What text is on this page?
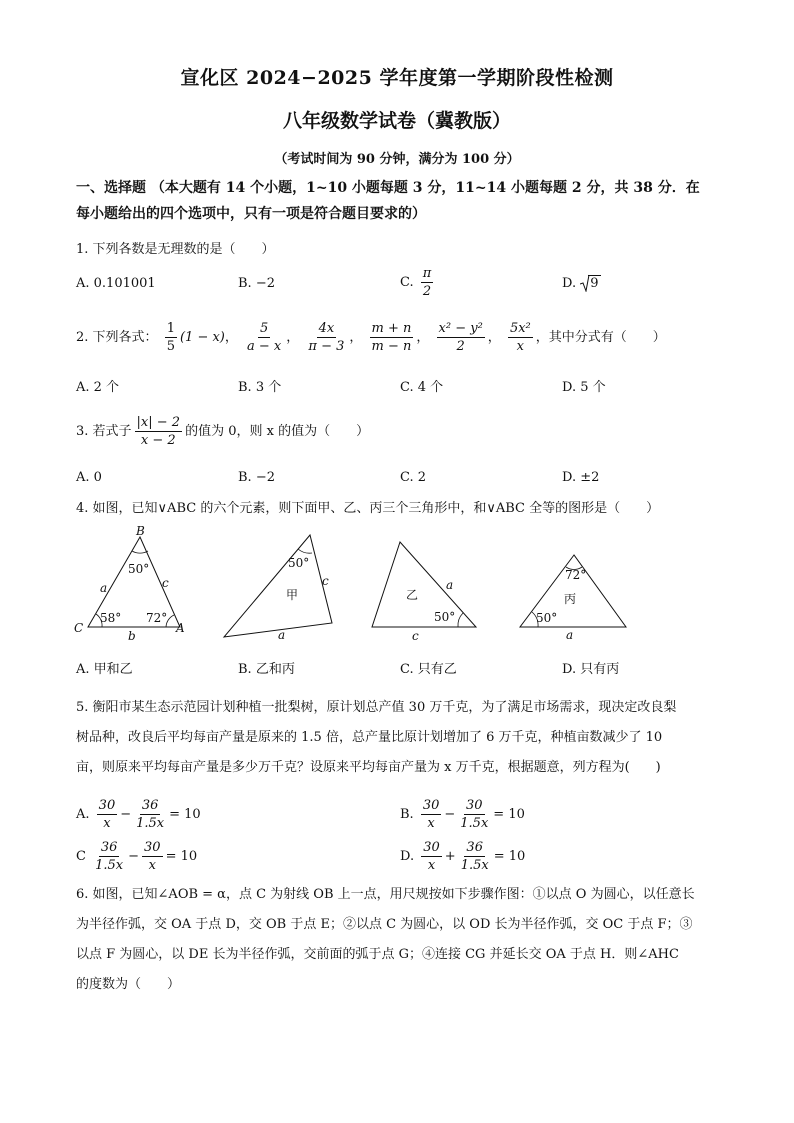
宣化区 2024−2025 学年度第一学期阶段性检测
八年级数学试卷（冀教版）
（考试时间为 90 分钟，满分为 100 分）
一、选择题 （本大题有 14 个小题，1~10 小题每题 3 分，11~14 小题每题 2 分，共 38 分．在
每小题给出的四个选项中，只有一项是符合题目要求的）
1. 下列各数是无理数的是（　　）
A. 0.101001	B. −2	C. $\frac{\pi}{2}$	D. 9
2. 下列各式： $\frac{1}{5} (1 - x)$， $\frac{5}{a - x}$ ， $\frac{4x}{\pi - 3}$ ， $\frac{m + n}{m - n}$ ， $\frac{\text{x² − y²}}{2}$ ， $\frac{\text{5x²}}{x}$ ，其中分式有（　　）
A. 2 个	B. 3 个	C. 4 个	D. 5 个
3. 若式子 $\frac{|x| - 2}{x - 2}$ 的值为 0，则 x 的值为（　　）
A. 0	B. −2	C. 2	D. ±2
4. 如图，已知∨ABC 的六个元素，则下面甲、乙、丙三个三角形中，和∨ABC 全等的图形是（　　）
B
a	c
b
C	A
50°
58° 72°
50°
c
甲
a
乙
a
50°
c
72°
丙
50°
a
A. 甲和乙	B. 乙和丙	C. 只有乙	D. 只有丙
5. 衡阳市某生态示范园计划种植一批梨树，原计划总产值 30 万千克，为了满足市场需求，现决定改良梨
树品种，改良后平均每亩产量是原来的 1.5 倍，总产量比原计划增加了 6 万千克，种植亩数减少了 10
亩，则原来平均每亩产量是多少万千克？设原来平均每亩产量为 x 万千克，根据题意，列方程为(　　)
A. $\frac{30}{x} - \frac{36}{1.5x} = 10$	B. $\frac{30}{x} - \frac{30}{1.5x} = 10$
C $\frac{36}{1.5x} - \frac{30}{x} = 10$	D. $\frac{30}{x} + \frac{36}{1.5x} = 10$
6. 如图，已知∠AOB = α，点 C 为射线 OB 上一点，用尺规按如下步骤作图：①以点 O 为圆心，以任意长
为半径作弧，交 OA 于点 D，交 OB 于点 E；②以点 C 为圆心，以 OD 长为半径作弧，交 OC 于点 F；③
以点 F 为圆心，以 DE 长为半径作弧，交前面的弧于点 G；④连接 CG 并延长交 OA 于点 H．则∠AHC
的度数为（　　）
